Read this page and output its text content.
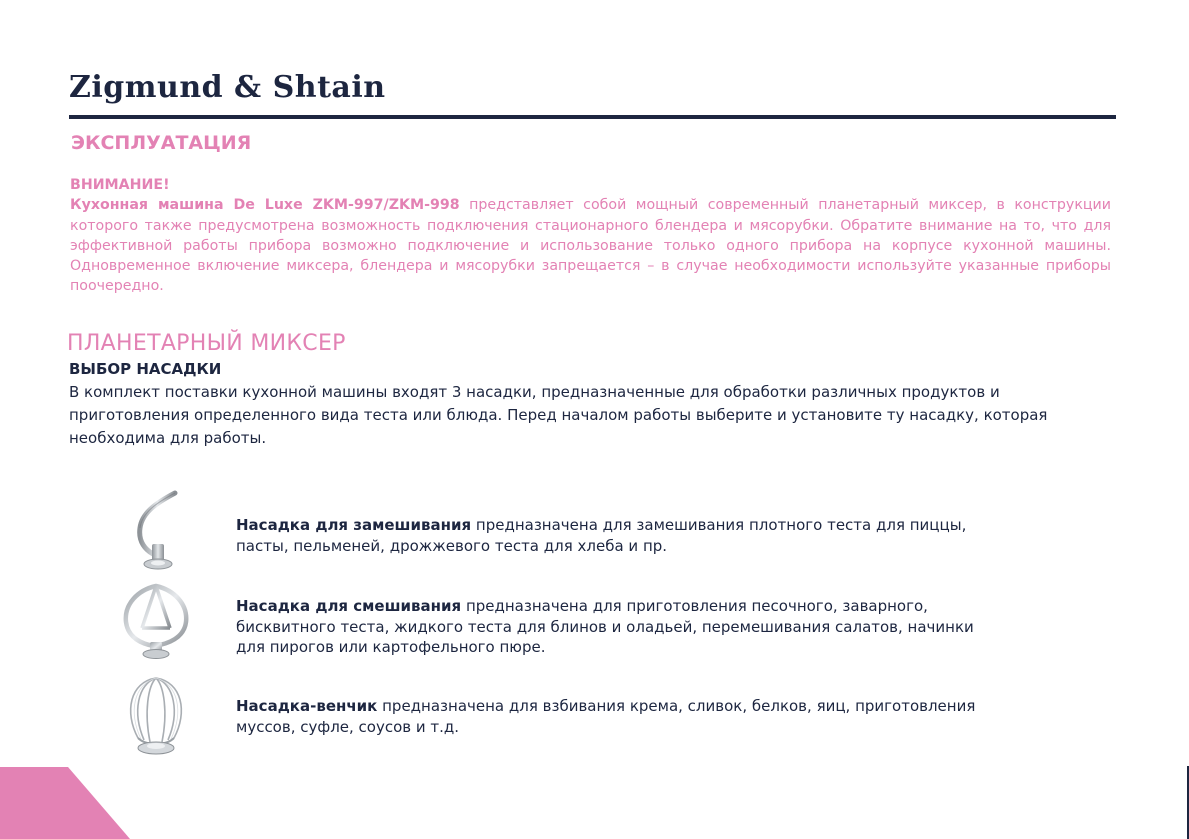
Zigmund & Shtain
ЭКСПЛУАТАЦИЯ
ВНИМАНИЕ!
Кухонная машина De Luxe ZKM-997/ZKM-998 представляет собой мощный современный планетарный миксер, в конструкции которого также предусмотрена возможность подключения стационарного блендера и мясорубки. Обратите внимание на то, что для эффективной работы прибора возможно подключение и использование только одного прибора на корпусе кухонной машины. Одновременное включение миксера, блендера и мясорубки запрещается – в случае необходимости используйте указанные приборы поочередно.
ПЛАНЕТАРНЫЙ МИКСЕР
ВЫБОР НАСАДКИ

В комплект поставки кухонной машины входят 3 насадки, предназначенные для обработки различных продуктов и приготовления определенного вида теста или блюда. Перед началом работы выберите и установите ту насадку, которая необходима для работы.

Насадка для замешивания предназначена для замешивания плотного теста для пиццы, пасты, пельменей, дрожжевого теста для хлеба и пр.

Насадка для смешивания предназначена для приготовления песочного, заварного, бисквитного теста, жидкого теста для блинов и оладьей, перемешивания салатов, начинки для пирогов или картофельного пюре.

Насадка-венчик предназначена для взбивания крема, сливок, белков, яиц, приготовления муссов, суфле, соусов и т.д.
